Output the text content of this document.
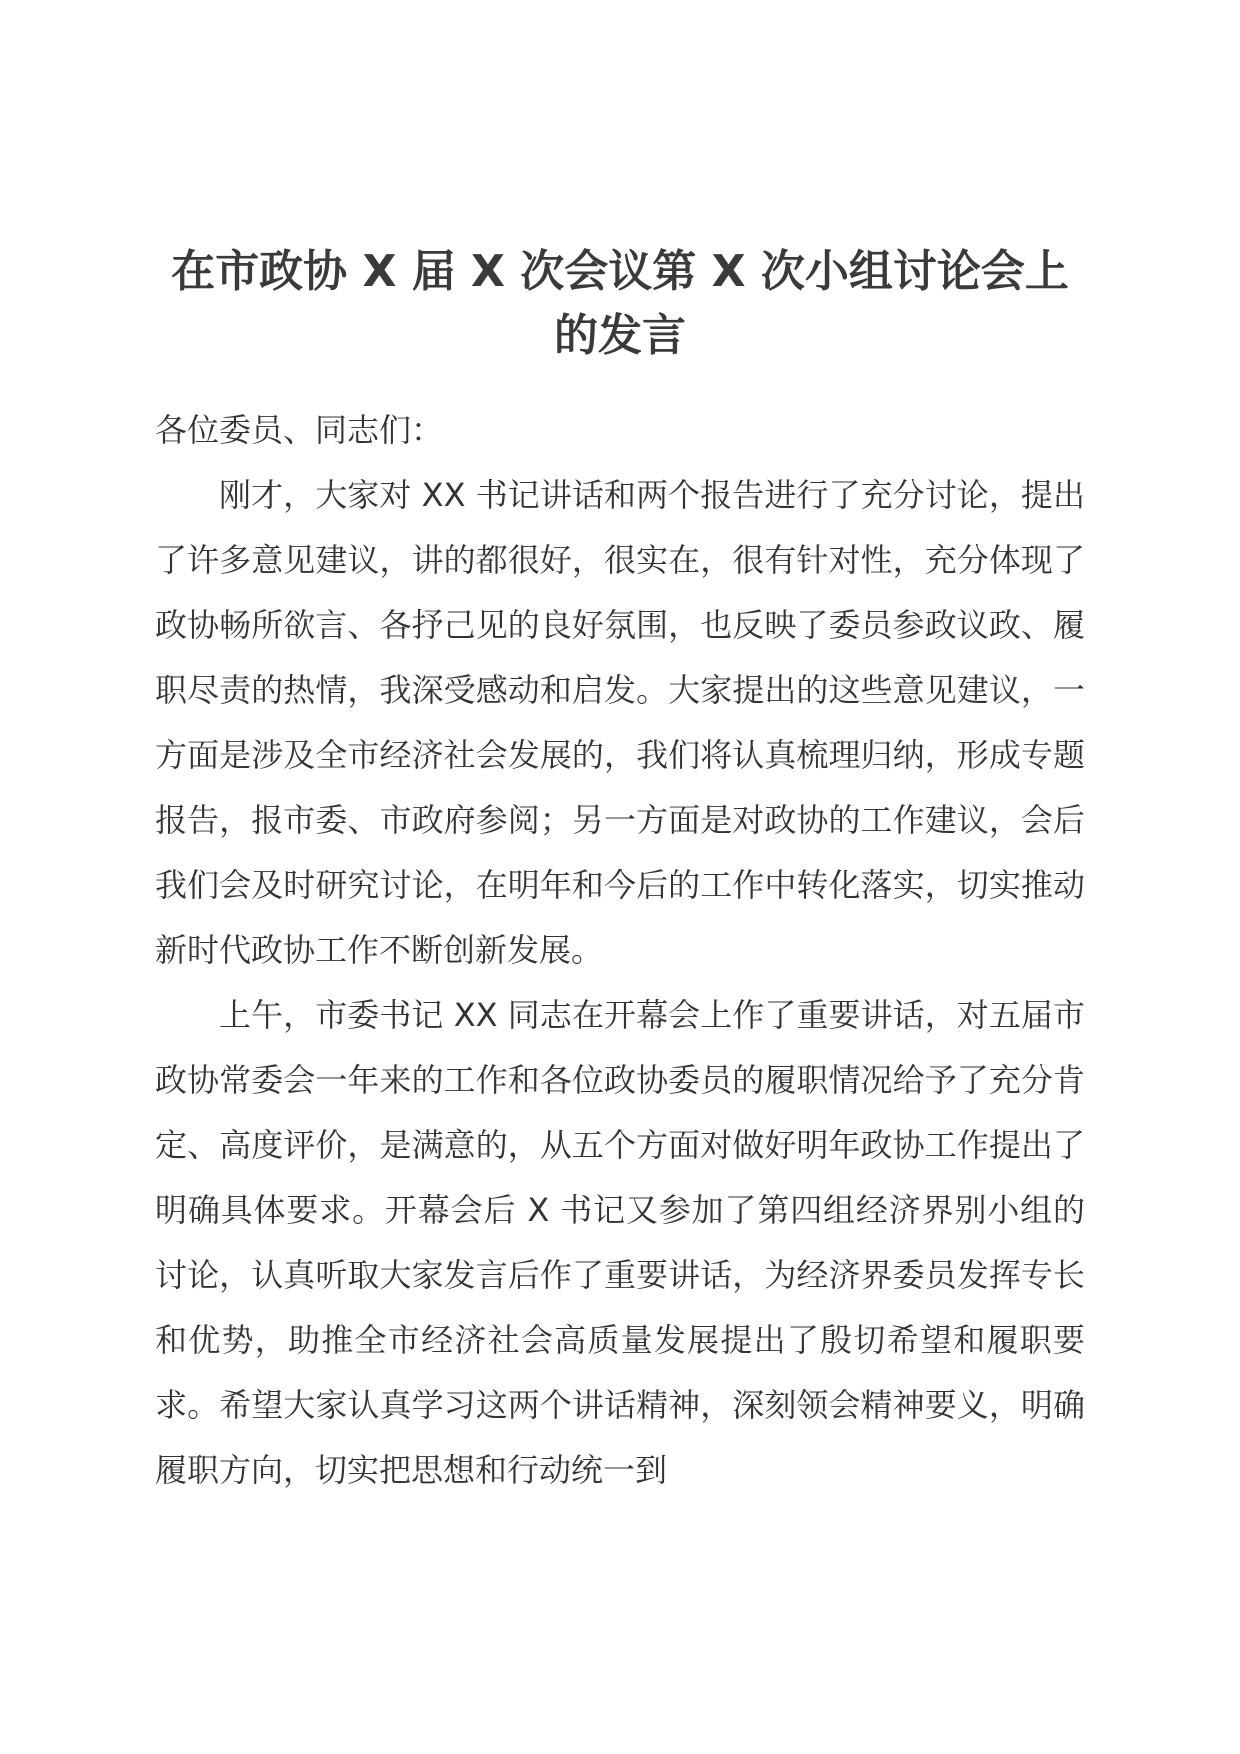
在市政协 X 届 X 次会议第 X 次小组讨论会上的发言

各位委员、同志们：

刚才，大家对 XX 书记讲话和两个报告进行了充分讨论，提出了许多意见建议，讲的都很好，很实在，很有针对性，充分体现了政协畅所欲言、各抒己见的良好氛围，也反映了委员参政议政、履职尽责的热情，我深受感动和启发。大家提出的这些意见建议，一方面是涉及全市经济社会发展的，我们将认真梳理归纳，形成专题报告，报市委、市政府参阅；另一方面是对政协的工作建议，会后我们会及时研究讨论，在明年和今后的工作中转化落实，切实推动新时代政协工作不断创新发展。

上午，市委书记 XX 同志在开幕会上作了重要讲话，对五届市政协常委会一年来的工作和各位政协委员的履职情况给予了充分肯定、高度评价，是满意的，从五个方面对做好明年政协工作提出了明确具体要求。开幕会后 X 书记又参加了第四组经济界别小组的讨论，认真听取大家发言后作了重要讲话，为经济界委员发挥专长和优势，助推全市经济社会高质量发展提出了殷切希望和履职要求。希望大家认真学习这两个讲话精神，深刻领会精神要义，明确履职方向，切实把思想和行动统一到
